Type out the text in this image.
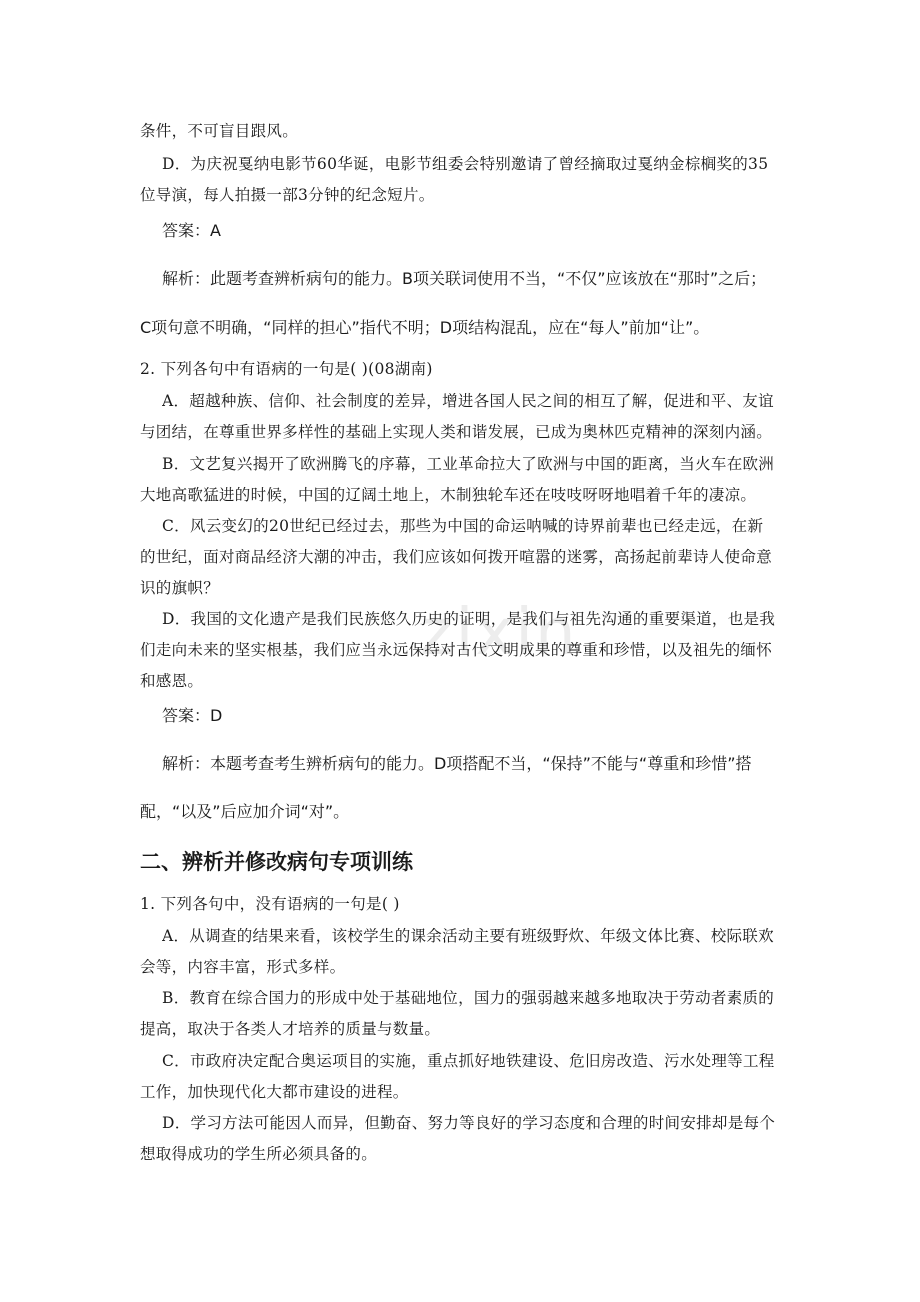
zixin
条件，不可盲目跟风。
D．为庆祝戛纳电影节60华诞，电影节组委会特别邀请了曾经摘取过戛纳金棕榈奖的35
位导演，每人拍摄一部3分钟的纪念短片。
答案：A
解析：此题考查辨析病句的能力。B项关联词使用不当，“不仅”应该放在“那时”之后；
C项句意不明确，“同样的担心”指代不明；D项结构混乱，应在“每人”前加“让”。
2. 下列各句中有语病的一句是( )(08湖南)
A．超越种族、信仰、社会制度的差异，增进各国人民之间的相互了解，促进和平、友谊
与团结，在尊重世界多样性的基础上实现人类和谐发展，已成为奥林匹克精神的深刻内涵。
B．文艺复兴揭开了欧洲腾飞的序幕，工业革命拉大了欧洲与中国的距离，当火车在欧洲
大地高歌猛进的时候，中国的辽阔土地上，木制独轮车还在吱吱呀呀地唱着千年的凄凉。
C．风云变幻的20世纪已经过去，那些为中国的命运呐喊的诗界前辈也已经走远，在新
的世纪，面对商品经济大潮的冲击，我们应该如何拨开喧嚣的迷雾，高扬起前辈诗人使命意
识的旗帜？
D．我国的文化遗产是我们民族悠久历史的证明，是我们与祖先沟通的重要渠道，也是我
们走向未来的坚实根基，我们应当永远保持对古代文明成果的尊重和珍惜，以及祖先的缅怀
和感恩。
答案：D
解析：本题考查考生辨析病句的能力。D项搭配不当，“保持”不能与“尊重和珍惜”搭
配，“以及”后应加介词“对”。
二、辨析并修改病句专项训练
1. 下列各句中，没有语病的一句是( )
A．从调查的结果来看，该校学生的课余活动主要有班级野炊、年级文体比赛、校际联欢
会等，内容丰富，形式多样。
B．教育在综合国力的形成中处于基础地位，国力的强弱越来越多地取决于劳动者素质的
提高，取决于各类人才培养的质量与数量。
C．市政府决定配合奥运项目的实施，重点抓好地铁建设、危旧房改造、污水处理等工程
工作，加快现代化大都市建设的进程。
D．学习方法可能因人而异，但勤奋、努力等良好的学习态度和合理的时间安排却是每个
想取得成功的学生所必须具备的。
